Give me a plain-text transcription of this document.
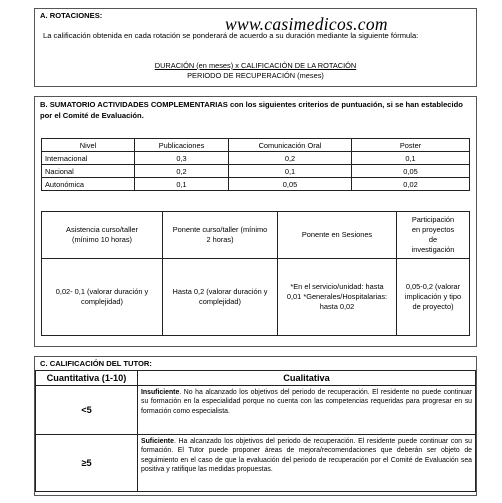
A. ROTACIONES:
La calificación obtenida en cada rotación se ponderará de acuerdo a su duración mediante la siguiente fórmula:
DURACIÓN (en meses) x CALIFICACIÓN DE LA ROTACIÓN
PERIODO DE RECUPERACIÓN (meses)
www.casimedicos.com
B. SUMATORIO ACTIVIDADES COMPLEMENTARIAS con los siguientes criterios de puntuación, si se han establecido por el Comité de Evaluación.
Nivel	Publicaciones	Comunicación Oral	Poster
Internacional	0,3	0,2	0,1
Nacional	0,2	0,1	0,05
Autonómica	0,1	0,05	0,02
Asistencia curso/taller (mínimo 10 horas)	Ponente curso/taller (mínimo 2 horas)	Ponente en Sesiones	Participación en proyectos de investigación
0,02- 0,1 (valorar duración y complejidad)	Hasta 0,2 (valorar duración y complejidad)	*En el servicio/unidad: hasta 0,01 *Generales/Hospitalarias: hasta 0,02	0,05-0,2 (valorar implicación y tipo de proyecto)
C. CALIFICACIÓN DEL TUTOR:
Cuantitativa (1-10)	Cualitativa
<5	Insuficiente. No ha alcanzado los objetivos del periodo de recuperación. El residente no puede continuar su formación en la especialidad porque no cuenta con las competencias requeridas para progresar en su formación como especialista.
≥5	Suficiente. Ha alcanzado los objetivos del periodo de recuperación. El residente puede continuar con su formación. El Tutor puede proponer áreas de mejora/recomendaciones que deberán ser objeto de seguimiento en el caso de que la evaluación del periodo de recuperación por el Comité de Evaluación sea positiva y ratifique las medidas propuestas.
